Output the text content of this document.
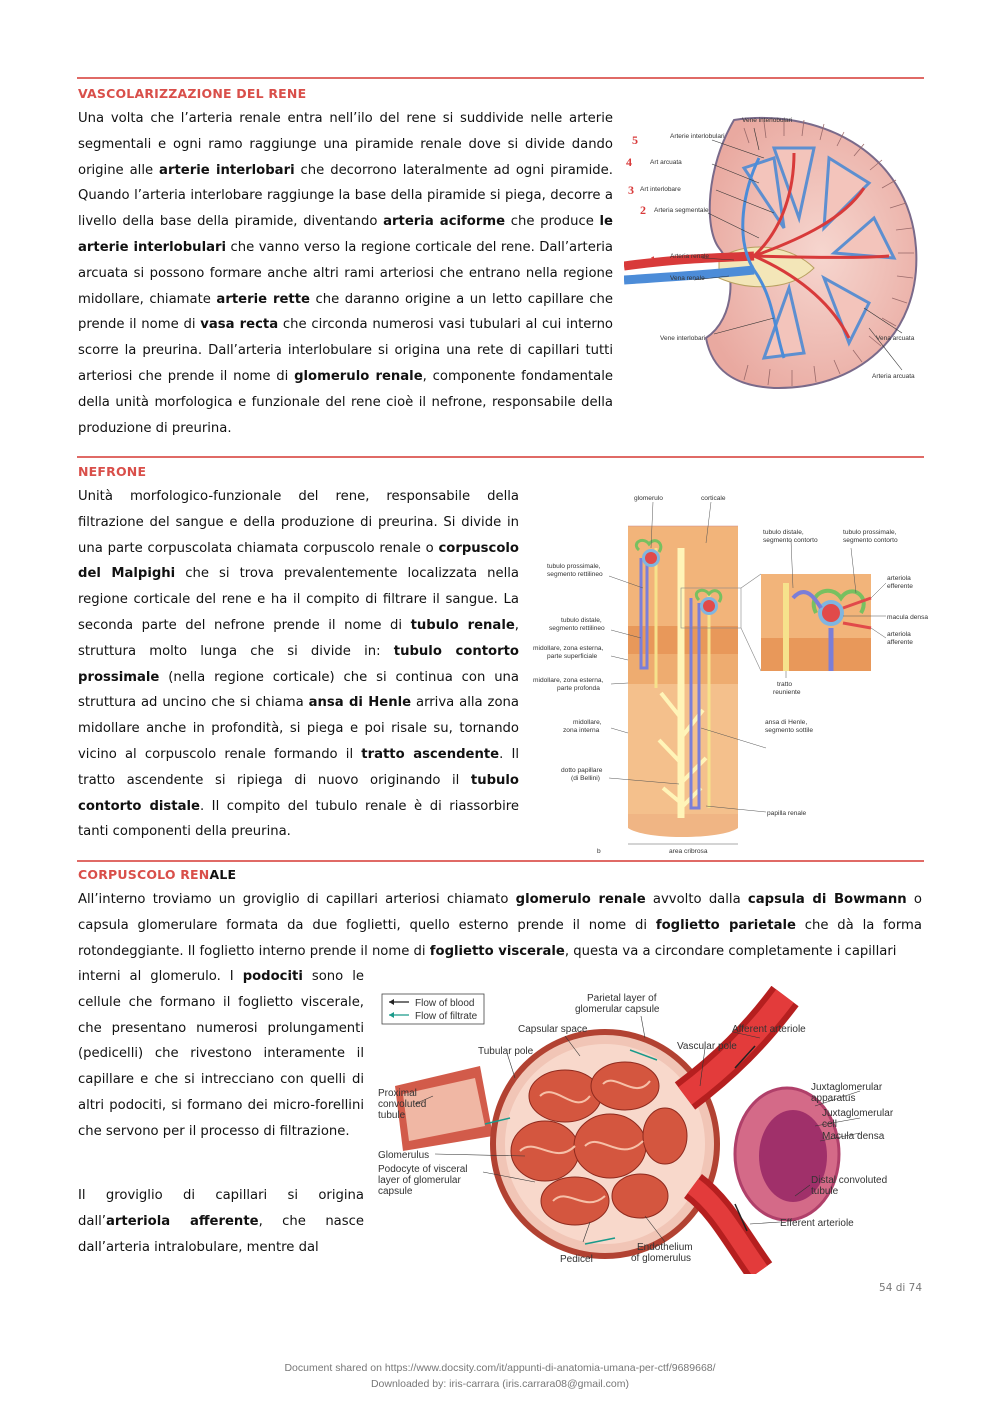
VASCOLARIZZAZIONE DEL RENE
Una volta che l’arteria renale entra nell’ilo del rene si suddivide nelle arterie segmentali e ogni ramo raggiunge una piramide renale dove si divide dando origine alle arterie interlobari che decorrono lateralmente ad ogni piramide. Quando l’arteria interlobare raggiunge la base della piramide si piega, decorre a livello della base della piramide, diventando arteria aciforme che produce le arterie interlobulari che vanno verso la regione corticale del rene. Dall’arteria arcuata si possono formare anche altri rami arteriosi che entrano nella regione midollare, chiamate arterie rette che daranno origine a un letto capillare che prende il nome di vasa recta che circonda numerosi vasi tubulari al cui interno scorre la preurina. Dall’arteria interlobulare si origina una rete di capillari tutti arteriosi che prende il nome di glomerulo renale, componente fondamentale della unità morfologica e funzionale del rene cioè il nefrone, responsabile della produzione di preurina.
Vene interlobulari
Arterie interlobulari
Art arcuata
Art interlobare
Arteria segmentale
Arteria renale
Vena renale
Vene interlobari	Vena arcuata
Arteria arcuata
5
4
3
2
1
NEFRONE
Unità morfologico-funzionale del rene, responsabile della filtrazione del sangue e della produzione di preurina. Si divide in una parte corpuscolata chiamata corpuscolo renale o corpuscolo del Malpighi che si trova prevalentemente localizzata nella regione corticale del rene e ha il compito di filtrare il sangue. La seconda parte del nefrone prende il nome di tubulo renale, struttura molto lunga che si divide in: tubulo contorto prossimale (nella regione corticale) che si continua con una struttura ad uncino che si chiama ansa di Henle arriva alla zona midollare anche in profondità, si piega e poi risale su, tornando vicino al corpuscolo renale formando il tratto ascendente. Il tratto ascendente si ripiega di nuovo originando il tubulo contorto distale. Il compito del tubulo renale è di riassorbire tanti componenti della preurina.
glomerulo	corticale
tubulo distale, segmento contorto
tubulo prossimale, segmento contorto
tubulo prossimale, segmento rettilineo
tubulo distale, segmento rettilineo
midollare, zona esterna, parte superficiale
midollare, zona esterna, parte profonda
midollare, zona interna
dotto papillare (di Bellini)
arteriola efferente
macula densa
arteriola afferente
tratto reuniente
ansa di Henle, segmento sottile
papilla renale
area cribrosa
b
CORPUSCOLO RENALE
All’interno troviamo un groviglio di capillari arteriosi chiamato glomerulo renale avvolto dalla capsula di Bowmann o capsula glomerulare formata da due foglietti, quello esterno prende il nome di foglietto parietale che dà la forma rotondeggiante. Il foglietto interno prende il nome di foglietto viscerale, questa va a circondare completamente i capillari
interni al glomerulo. I podociti sono le cellule che formano il foglietto viscerale, che presentano numerosi prolungamenti (pedicelli) che rivestono interamente il capillare e che si intrecciano con quelli di altri podociti, si formano dei micro-forellini che servono per il processo di filtrazione.
Il groviglio di capillari si origina dall’arteriola afferente, che nasce dall’arteria intralobulare, mentre dal
Flow of blood
Flow of filtrate
Parietal layer of glomerular capsule
Capsular space	Afferent arteriole
Tubular pole	Vascular pole
Proximal convoluted tubule
Juxtaglomerular apparatus
Juxtaglomerular cell
Macula densa
Glomerulus
Podocyte of visceral layer of glomerular capsule
Distal convoluted tubule
Efferent arteriole
Pedicel
Endothelium of glomerulus
54 di 74
Document shared on https://www.docsity.com/it/appunti-di-anatomia-umana-per-ctf/9689668/
Downloaded by: iris-carrara (iris.carrara08@gmail.com)
